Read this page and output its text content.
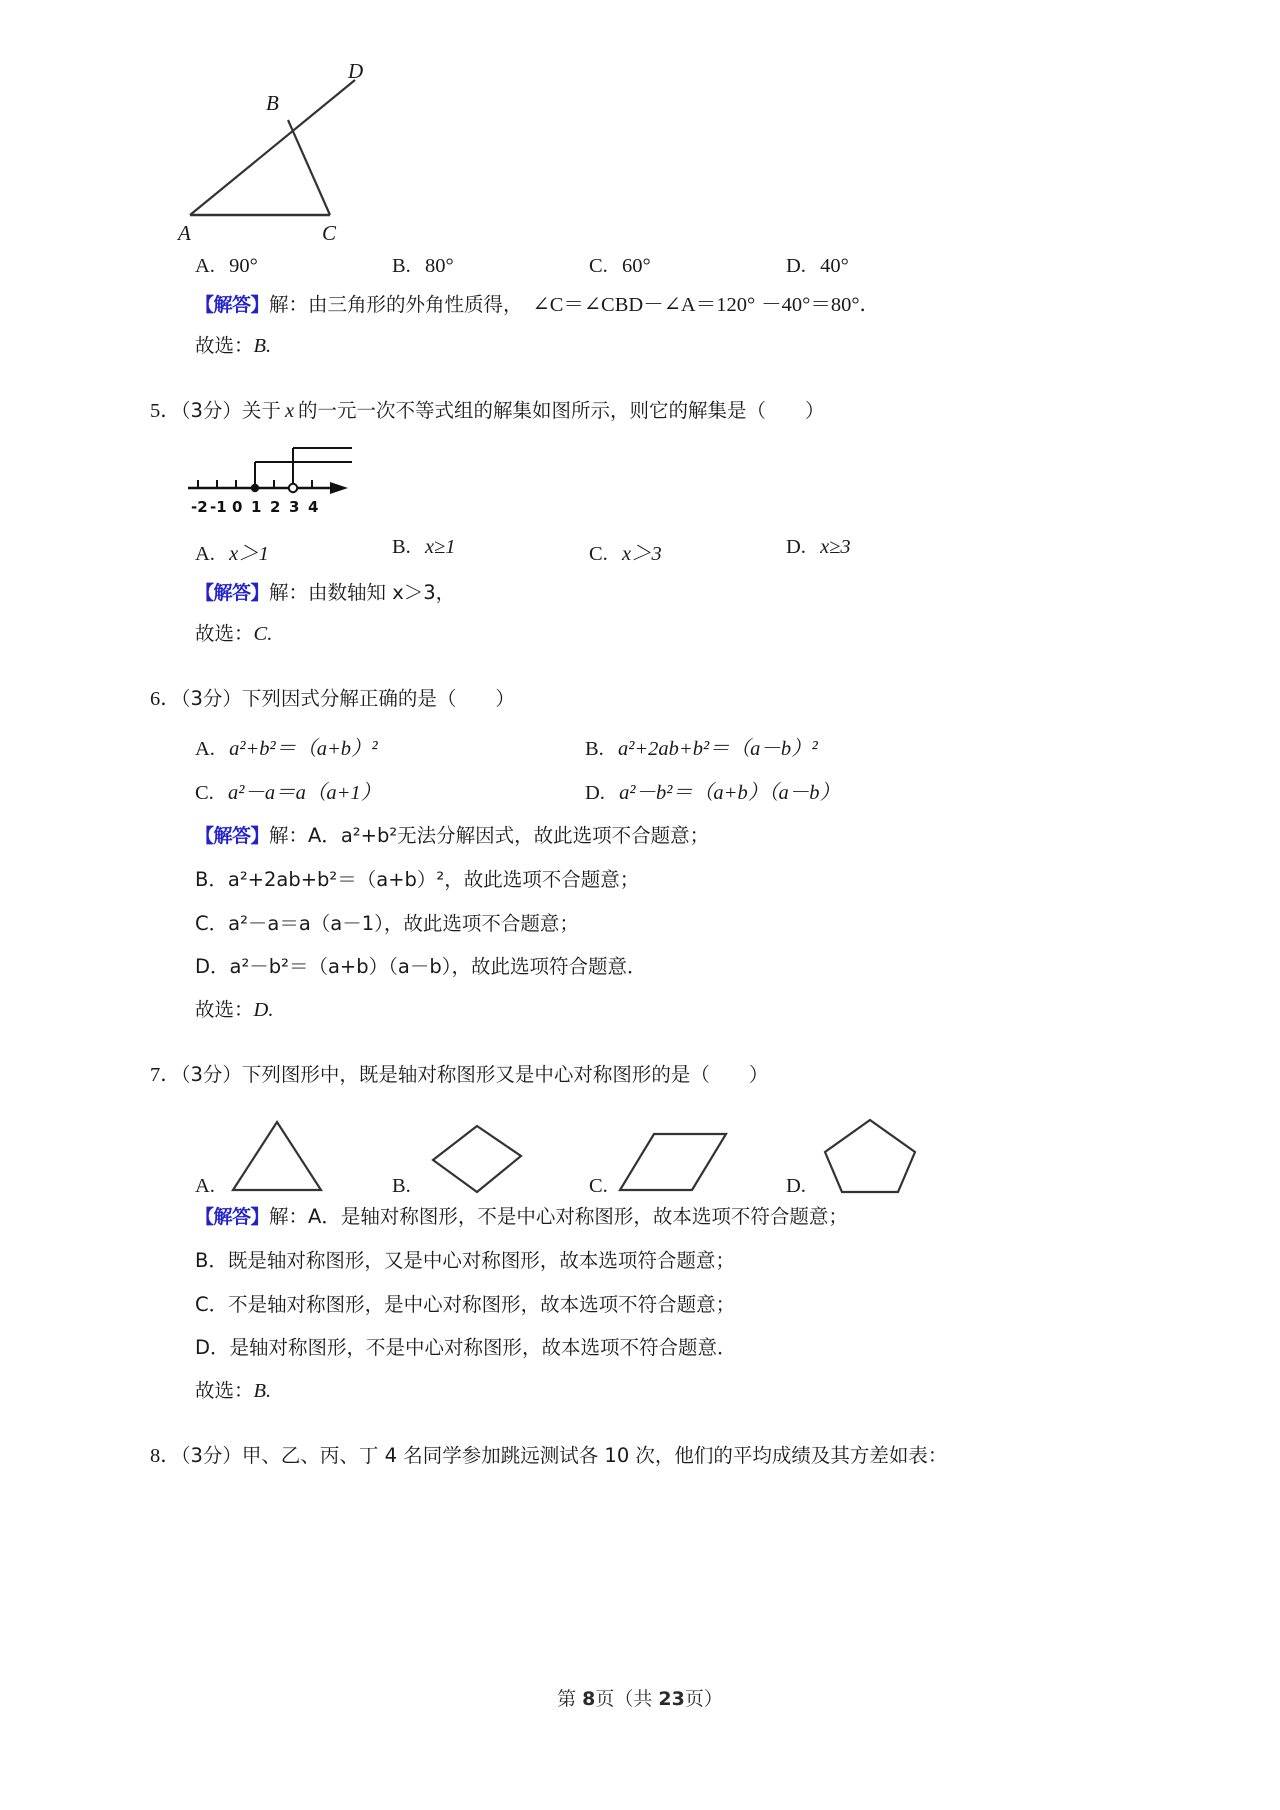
A	C
B
D
A. 90°	B. 80°	C. 60°	D. 40°
【解答】解：由三角形的外角性质得， ∠C＝∠CBD－∠A＝120° －40°＝80°．
故选：B.
5．（3分）关于 x 的一元一次不等式组的解集如图所示，则它的解集是（　　）
-2 -1 0 1 2 3 4
A. x＞1	B. x≥1	C. x＞3	D. x≥3
【解答】解：由数轴知 x＞3，
故选：C.
6．（3分）下列因式分解正确的是（　　）
A. a²+b²＝（a+b）²	B. a²+2ab+b²＝（a－b）²
C. a²－a＝a（a+1）	D. a²－b²＝（a+b）（a－b）
【解答】解：A．a²+b²无法分解因式，故此选项不合题意；
B．a²+2ab+b²＝（a+b）²，故此选项不合题意；
C．a²－a＝a（a－1），故此选项不合题意；
D．a²－b²＝（a+b）（a－b），故此选项符合题意．
故选：D.
7．（3分）下列图形中，既是轴对称图形又是中心对称图形的是（　　）
A.	B.	C.	D.
【解答】解：A．是轴对称图形，不是中心对称图形，故本选项不符合题意；
B．既是轴对称图形，又是中心对称图形，故本选项符合题意；
C．不是轴对称图形，是中心对称图形，故本选项不符合题意；
D．是轴对称图形，不是中心对称图形，故本选项不符合题意．
故选：B.
8．（3分）甲、乙、丙、丁 4 名同学参加跳远测试各 10 次，他们的平均成绩及其方差如表：
第 8页（共 23页）
